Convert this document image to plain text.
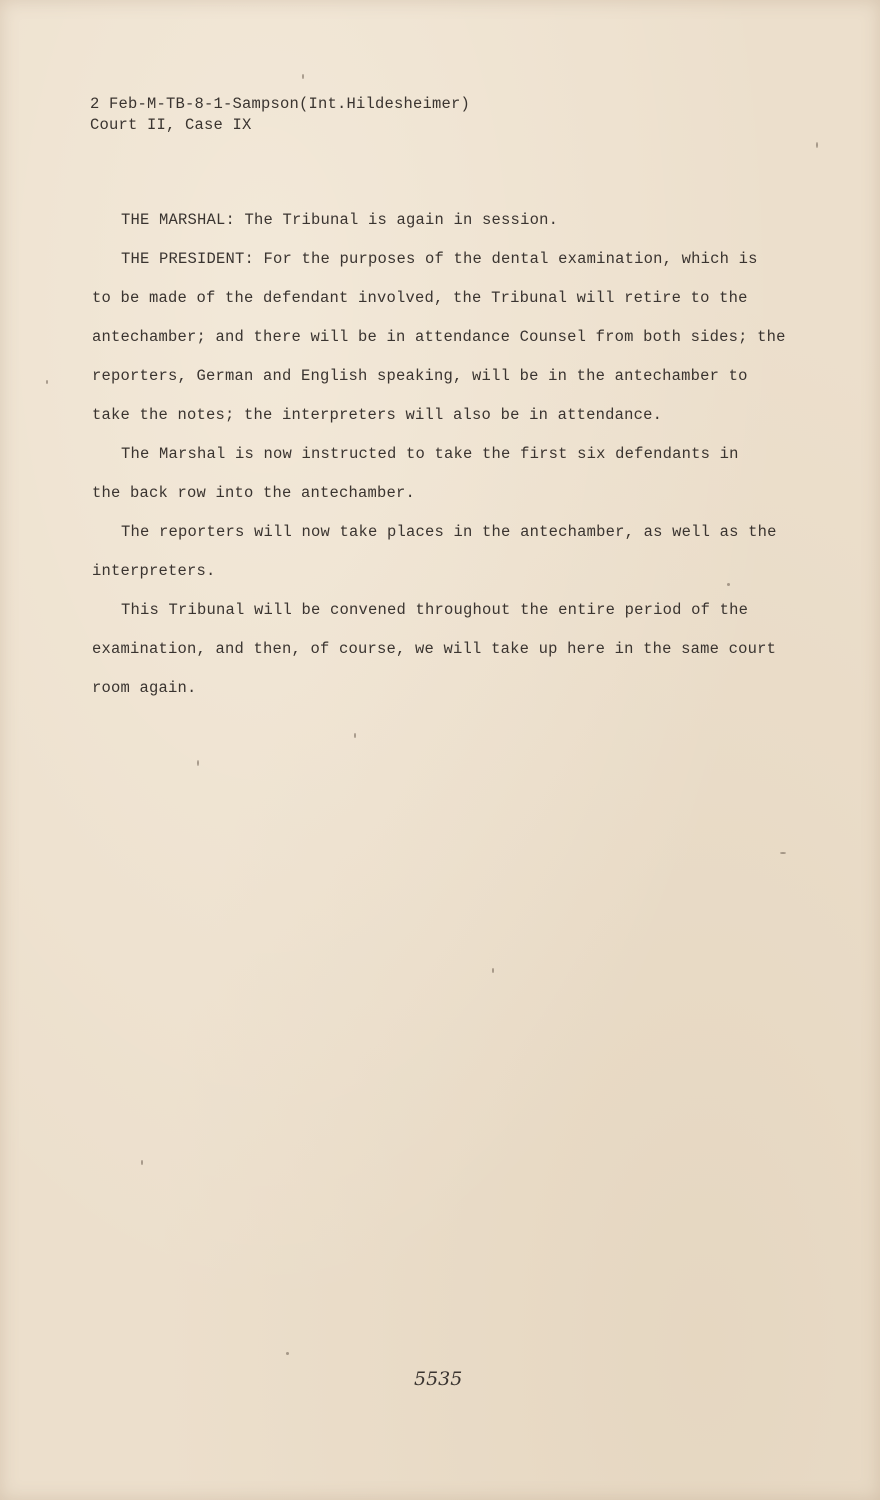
2 Feb-M-TB-8-1-Sampson(Int.Hildesheimer)
Court II, Case IX
THE MARSHAL: The Tribunal is again in session.
THE PRESIDENT: For the purposes of the dental examination, which is
to be made of the defendant involved, the Tribunal will retire to the
antechamber; and there will be in attendance Counsel from both sides; the
reporters, German and English speaking, will be in the antechamber to
take the notes; the interpreters will also be in attendance.
The Marshal is now instructed to take the first six defendants in
the back row into the antechamber.
The reporters will now take places in the antechamber, as well as the
interpreters.
This Tribunal will be convened throughout the entire period of the
examination, and then, of course, we will take up here in the same court
room again.
5535
